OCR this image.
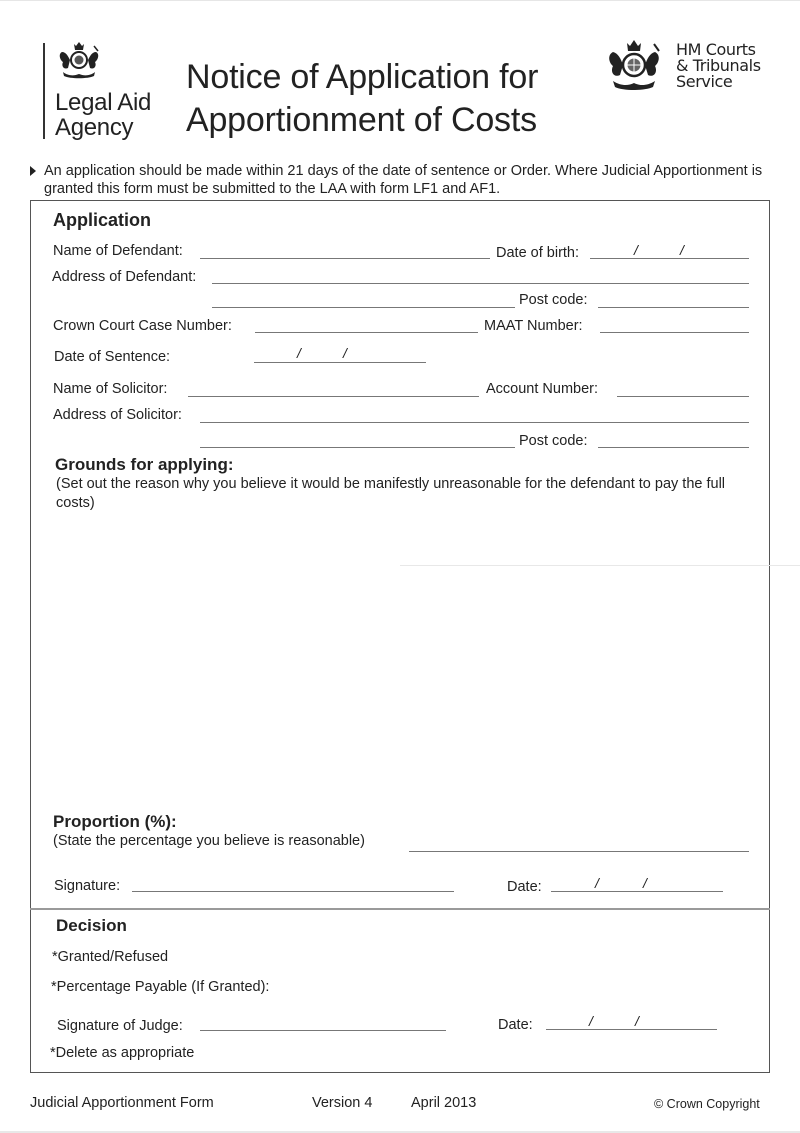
Legal Aid
Agency
Notice of Application for
Apportionment of Costs
HM Courts
& Tribunals
Service
An application should be made within 21 days of the date of sentence or Order. Where Judicial Apportionment is granted this form must be submitted to the LAA with form LF1 and AF1.
Application
Name of Defendant:	Date of birth:	/	/
Address of Defendant:
Post code:
Crown Court Case Number:	MAAT Number:
Date of Sentence:	/	/
Name of Solicitor:	Account Number:
Address of Solicitor:
Post code:
Grounds for applying:
(Set out the reason why you believe it would be manifestly unreasonable for the defendant to pay the full costs)
Proportion (%):
(State the percentage you believe is reasonable)
Signature:	Date:	/	/
Decision
*Granted/Refused
*Percentage Payable (If Granted):
Signature of Judge:	Date:	/	/
*Delete as appropriate
Judicial Apportionment Form	Version 4	April 2013	© Crown Copyright
